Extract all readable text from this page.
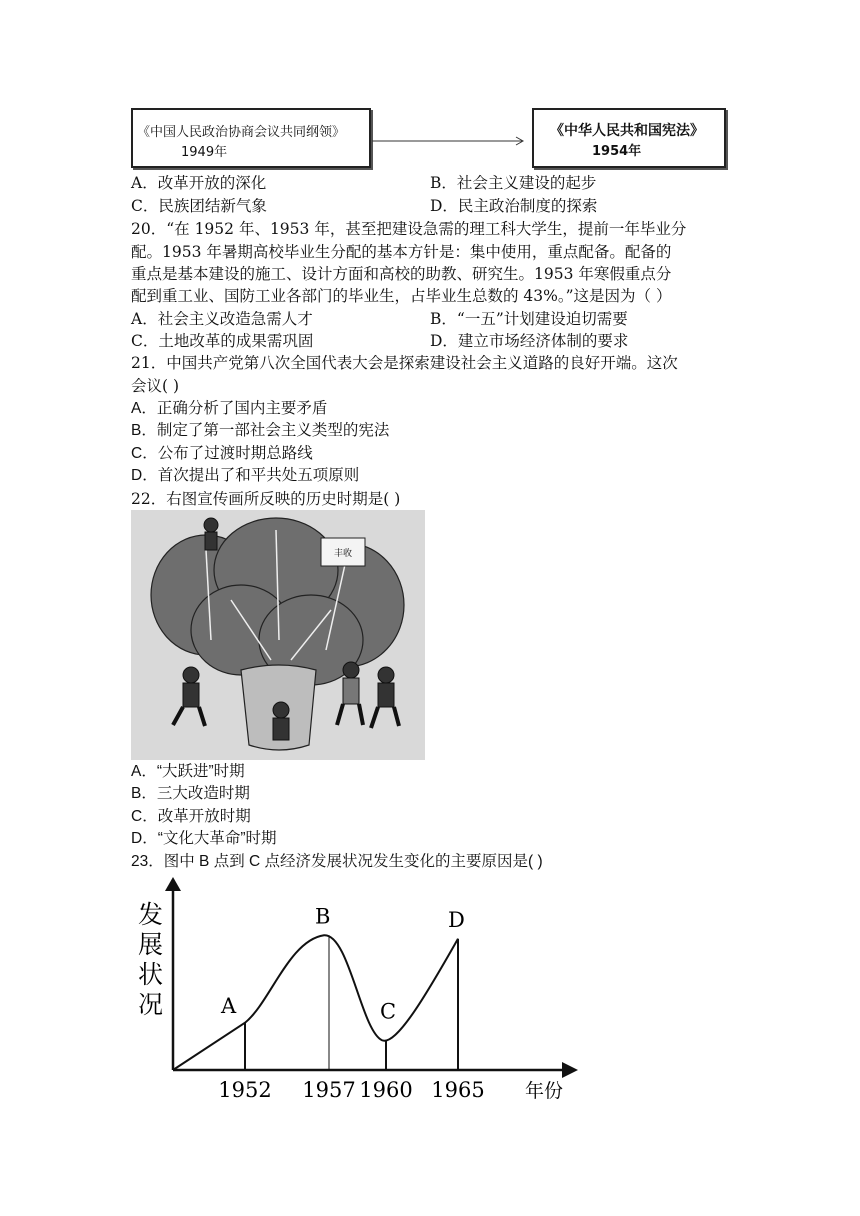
《中国人民政治协商会议共同纲领》
1949年
《中华人民共和国宪法》
1954年
A．改革开放的深化	B．社会主义建设的起步
C．民族团结新气象	D．民主政治制度的探索
20．“在 1952 年、1953 年，甚至把建设急需的理工科大学生，提前一年毕业分
配。1953 年暑期高校毕业生分配的基本方针是：集中使用，重点配备。配备的
重点是基本建设的施工、设计方面和高校的助教、研究生。1953 年寒假重点分
配到重工业、国防工业各部门的毕业生，占毕业生总数的 43%。”这是因为（ ）
A．社会主义改造急需人才	B．“一五”计划建设迫切需要
C．土地改革的成果需巩固	D．建立市场经济体制的要求
21．中国共产党第八次全国代表大会是探索建设社会主义道路的良好开端。这次
会议( )
A．正确分析了国内主要矛盾
B．制定了第一部社会主义类型的宪法
C．公布了过渡时期总路线
D．首次提出了和平共处五项原则
22．右图宣传画所反映的历史时期是( )
丰收
A．“大跃进”时期
B．三大改造时期
C．改革开放时期
D．“文化大革命”时期
23．图中 B 点到 C 点经济发展状况发生变化的主要原因是( )
发
展
状
况
年份
A
1952
B
1957
C
1960
D
1965
